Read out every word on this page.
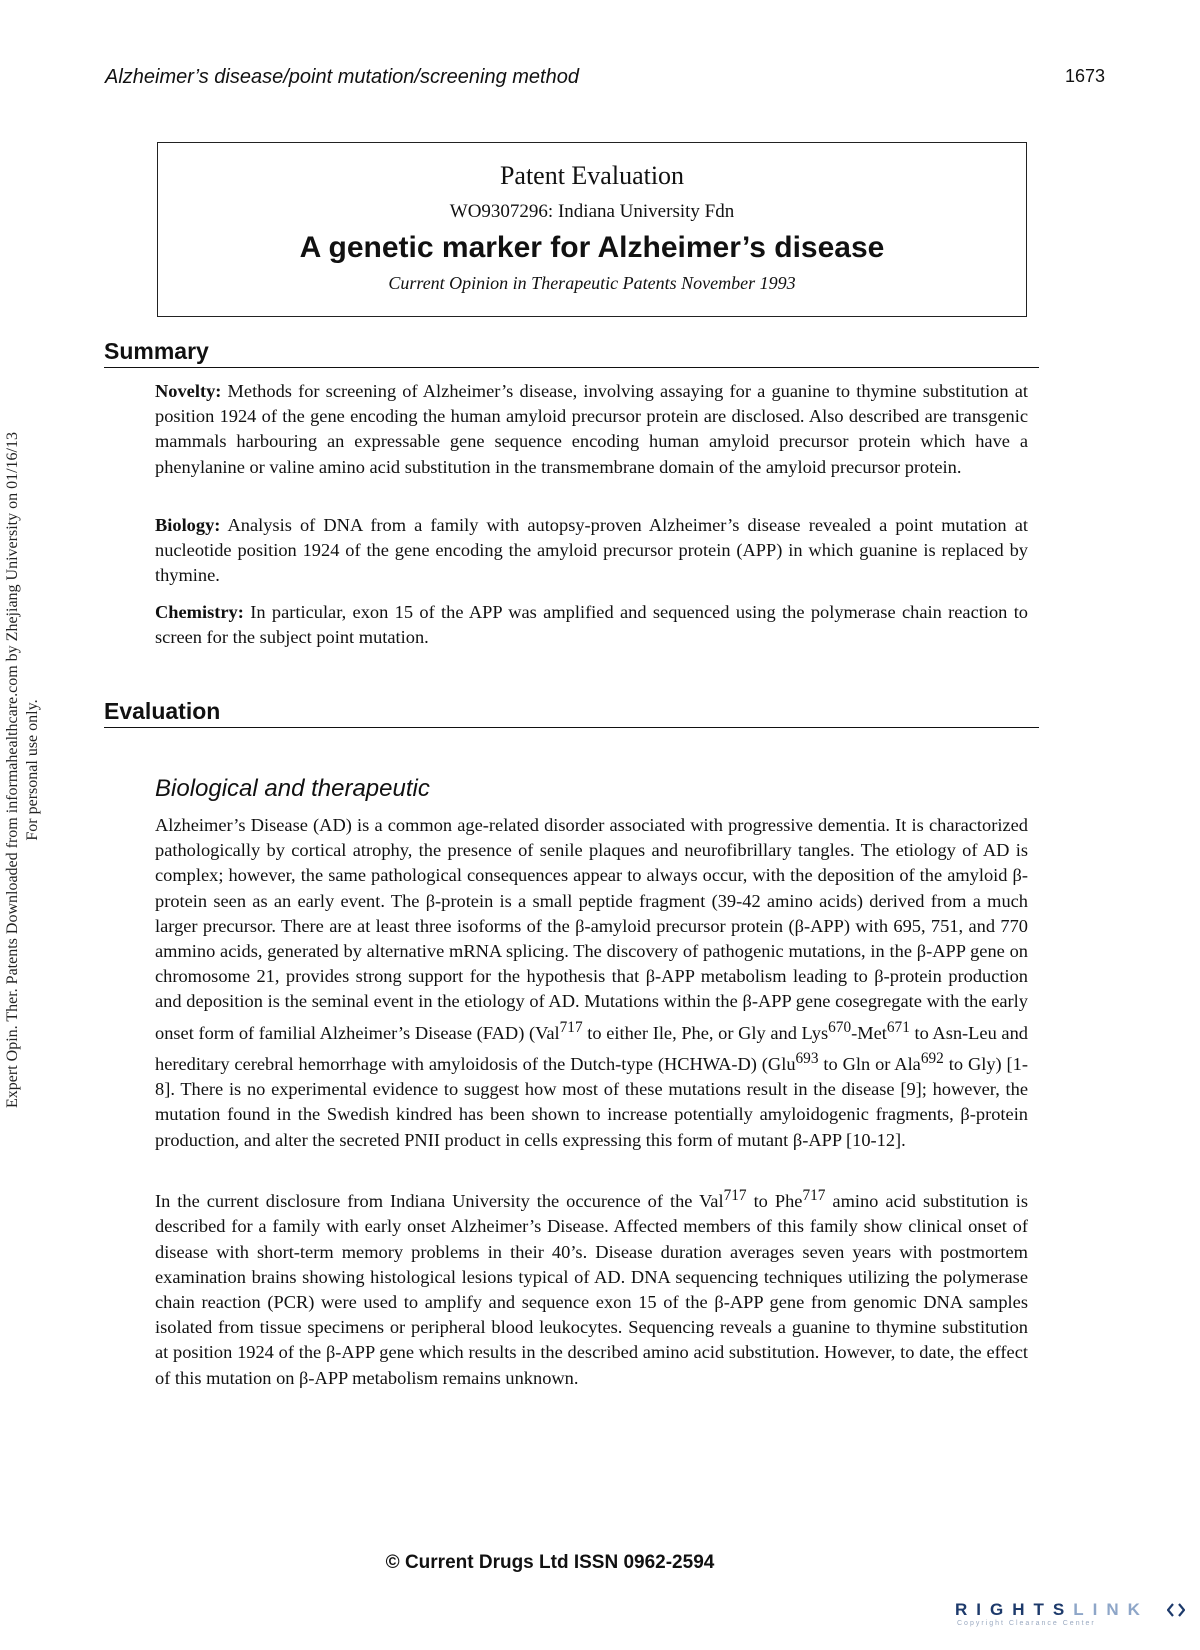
Alzheimer’s disease/point mutation/screening method	1673
Expert Opin. Ther. Patents Downloaded from informahealthcare.com by Zhejiang University on 01/16/13 For personal use only.
Patent Evaluation
WO9307296: Indiana University Fdn
A genetic marker for Alzheimer’s disease
Current Opinion in Therapeutic Patents November 1993
Summary

Novelty: Methods for screening of Alzheimer’s disease, involving assaying for a guanine to thymine substitution at position 1924 of the gene encoding the human amyloid precursor protein are disclosed. Also described are transgenic mammals harbouring an expressable gene sequence encoding human amyloid precursor protein which have a phenylanine or valine amino acid substitution in the transmembrane domain of the amyloid precursor protein.

Biology: Analysis of DNA from a family with autopsy-proven Alzheimer’s disease revealed a point mutation at nucleotide position 1924 of the gene encoding the amyloid precursor protein (APP) in which guanine is replaced by thymine.

Chemistry: In particular, exon 15 of the APP was amplified and sequenced using the polymerase chain reaction to screen for the subject point mutation.

Evaluation
Biological and therapeutic

Alzheimer’s Disease (AD) is a common age-related disorder associated with progressive dementia. It is charactorized pathologically by cortical atrophy, the presence of senile plaques and neurofibrillary tangles. The etiology of AD is complex; however, the same pathological consequences appear to always occur, with the deposition of the amyloid β-protein seen as an early event. The β-protein is a small peptide fragment (39-42 amino acids) derived from a much larger precursor. There are at least three isoforms of the β-amyloid precursor protein (β-APP) with 695, 751, and 770 ammino acids, generated by alternative mRNA splicing. The discovery of pathogenic mutations, in the β-APP gene on chromosome 21, provides strong support for the hypothesis that β-APP metabolism leading to β-protein production and deposition is the seminal event in the etiology of AD. Mutations within the β-APP gene cosegregate with the early onset form of familial Alzheimer’s Disease (FAD) (Val$^{717}$ to either Ile, Phe, or Gly and Lys$^{670}$-Met$^{671}$ to Asn-Leu and hereditary cerebral hemorrhage with amyloidosis of the Dutch-type (HCHWA-D) (Glu$^{693}$ to Gln or Ala$^{692}$ to Gly) [1-8]. There is no experimental evidence to suggest how most of these mutations result in the disease [9]; however, the mutation found in the Swedish kindred has been shown to increase potentially amyloidogenic fragments, β-protein production, and alter the secreted PNII product in cells expressing this form of mutant β-APP [10-12].

In the current disclosure from Indiana University the occurence of the Val$^{717}$ to Phe$^{717}$ amino acid substitution is described for a family with early onset Alzheimer’s Disease. Affected members of this family show clinical onset of disease with short-term memory problems in their 40’s. Disease duration averages seven years with postmortem examination brains showing histological lesions typical of AD. DNA sequencing techniques utilizing the polymerase chain reaction (PCR) were used to amplify and sequence exon 15 of the β-APP gene from genomic DNA samples isolated from tissue specimens or peripheral blood leukocytes. Sequencing reveals a guanine to thymine substitution at position 1924 of the β-APP gene which results in the described amino acid substitution. However, to date, the effect of this mutation on β-APP metabolism remains unknown.

© Current Drugs Ltd ISSN 0962-2594
RIGHTSLINK
Copyright Clearance Center
